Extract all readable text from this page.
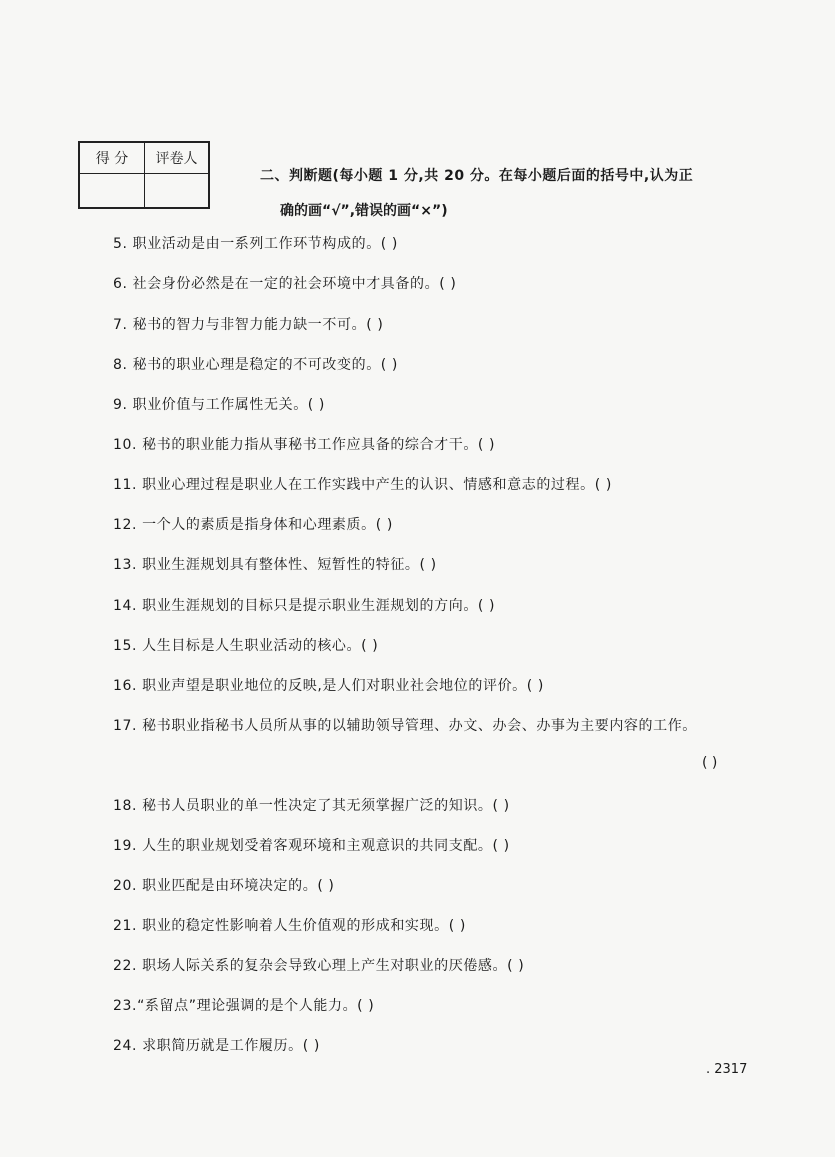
得 分	评卷人

二、判断题(每小题 1 分,共 20 分。在每小题后面的括号中,认为正
确的画“√”,错误的画“×”)
5. 职业活动是由一系列工作环节构成的。( )
6. 社会身份必然是在一定的社会环境中才具备的。( )
7. 秘书的智力与非智力能力缺一不可。( )
8. 秘书的职业心理是稳定的不可改变的。( )
9. 职业价值与工作属性无关。( )
10. 秘书的职业能力指从事秘书工作应具备的综合才干。( )
11. 职业心理过程是职业人在工作实践中产生的认识、情感和意志的过程。( )
12. 一个人的素质是指身体和心理素质。( )
13. 职业生涯规划具有整体性、短暂性的特征。( )
14. 职业生涯规划的目标只是提示职业生涯规划的方向。( )
15. 人生目标是人生职业活动的核心。( )
16. 职业声望是职业地位的反映,是人们对职业社会地位的评价。( )
17. 秘书职业指秘书人员所从事的以辅助领导管理、办文、办会、办事为主要内容的工作。
( )
18. 秘书人员职业的单一性决定了其无须掌握广泛的知识。( )
19. 人生的职业规划受着客观环境和主观意识的共同支配。( )
20. 职业匹配是由环境决定的。( )
21. 职业的稳定性影响着人生价值观的形成和实现。( )
22. 职场人际关系的复杂会导致心理上产生对职业的厌倦感。( )
23.“系留点”理论强调的是个人能力。( )
24. 求职简历就是工作履历。( )
. 2317
